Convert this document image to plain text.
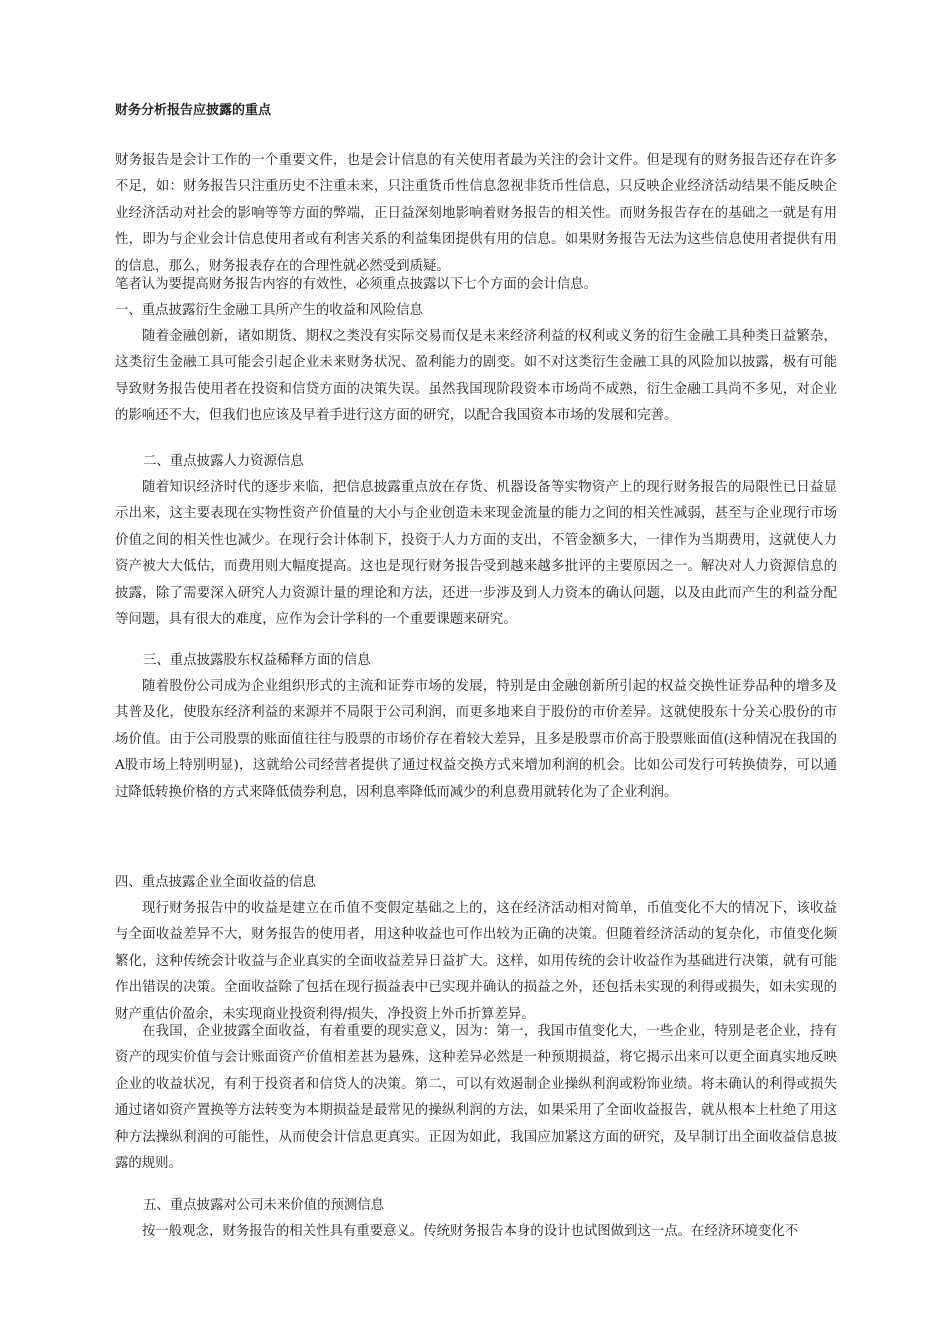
财务分析报告应披露的重点

财务报告是会计工作的一个重要文件，也是会计信息的有关使用者最为关注的会计文件。但是现有的财务报告还存在许多不足，如：财务报告只注重历史不注重未来，只注重货币性信息忽视非货币性信息，只反映企业经济活动结果不能反映企业经济活动对社会的影响等等方面的弊端，正日益深刻地影响着财务报告的相关性。而财务报告存在的基础之一就是有用性，即为与企业会计信息使用者或有利害关系的利益集团提供有用的信息。如果财务报告无法为这些信息使用者提供有用的信息，那么，财务报表存在的合理性就必然受到质疑。

笔者认为要提高财务报告内容的有效性，必须重点披露以下七个方面的会计信息。

一、重点披露衍生金融工具所产生的收益和风险信息

随着金融创新，诸如期货、期权之类没有实际交易而仅是未来经济利益的权利或义务的衍生金融工具种类日益繁杂，这类衍生金融工具可能会引起企业未来财务状况、盈利能力的剧变。如不对这类衍生金融工具的风险加以披露，极有可能导致财务报告使用者在投资和信贷方面的决策失误。虽然我国现阶段资本市场尚不成熟，衍生金融工具尚不多见，对企业的影响还不大，但我们也应该及早着手进行这方面的研究，以配合我国资本市场的发展和完善。

二、重点披露人力资源信息

随着知识经济时代的逐步来临，把信息披露重点放在存货、机器设备等实物资产上的现行财务报告的局限性已日益显示出来，这主要表现在实物性资产价值量的大小与企业创造未来现金流量的能力之间的相关性减弱，甚至与企业现行市场价值之间的相关性也减少。在现行会计体制下，投资于人力方面的支出，不管金额多大，一律作为当期费用，这就使人力资产被大大低估，而费用则大幅度提高。这也是现行财务报告受到越来越多批评的主要原因之一。解决对人力资源信息的披露，除了需要深入研究人力资源计量的理论和方法，还进一步涉及到人力资本的确认问题，以及由此而产生的利益分配等问题，具有很大的难度，应作为会计学科的一个重要课题来研究。

三、重点披露股东权益稀释方面的信息

随着股份公司成为企业组织形式的主流和证券市场的发展，特别是由金融创新所引起的权益交换性证券品种的增多及其普及化，使股东经济利益的来源并不局限于公司利润，而更多地来自于股份的市价差异。这就使股东十分关心股份的市场价值。由于公司股票的账面值往往与股票的市场价存在着较大差异，且多是股票市价高于股票账面值(这种情况在我国的A股市场上特别明显)，这就给公司经营者提供了通过权益交换方式来增加利润的机会。比如公司发行可转换债券，可以通过降低转换价格的方式来降低债券利息，因利息率降低而减少的利息费用就转化为了企业利润。

四、重点披露企业全面收益的信息

现行财务报告中的收益是建立在币值不变假定基础之上的，这在经济活动相对简单，币值变化不大的情况下，该收益与全面收益差异不大，财务报告的使用者，用这种收益也可作出较为正确的决策。但随着经济活动的复杂化，市值变化频繁化，这种传统会计收益与企业真实的全面收益差异日益扩大。这样，如用传统的会计收益作为基础进行决策，就有可能作出错误的决策。全面收益除了包括在现行损益表中已实现并确认的损益之外，还包括未实现的利得或损失，如未实现的财产重估价盈余，未实现商业投资利得/损失，净投资上外币折算差异。

在我国，企业披露全面收益，有着重要的现实意义，因为：第一，我国市值变化大，一些企业，特别是老企业，持有资产的现实价值与会计账面资产价值相差甚为悬殊，这种差异必然是一种预期损益，将它揭示出来可以更全面真实地反映企业的收益状况，有利于投资者和信贷人的决策。第二，可以有效遏制企业操纵利润或粉饰业绩。将未确认的利得或损失通过诸如资产置换等方法转变为本期损益是最常见的操纵利润的方法，如果采用了全面收益报告，就从根本上杜绝了用这种方法操纵利润的可能性，从而使会计信息更真实。正因为如此，我国应加紧这方面的研究，及早制订出全面收益信息披露的规则。

五、重点披露对公司未来价值的预测信息

按一般观念，财务报告的相关性具有重要意义。传统财务报告本身的设计也试图做到这一点。在经济环境变化不
